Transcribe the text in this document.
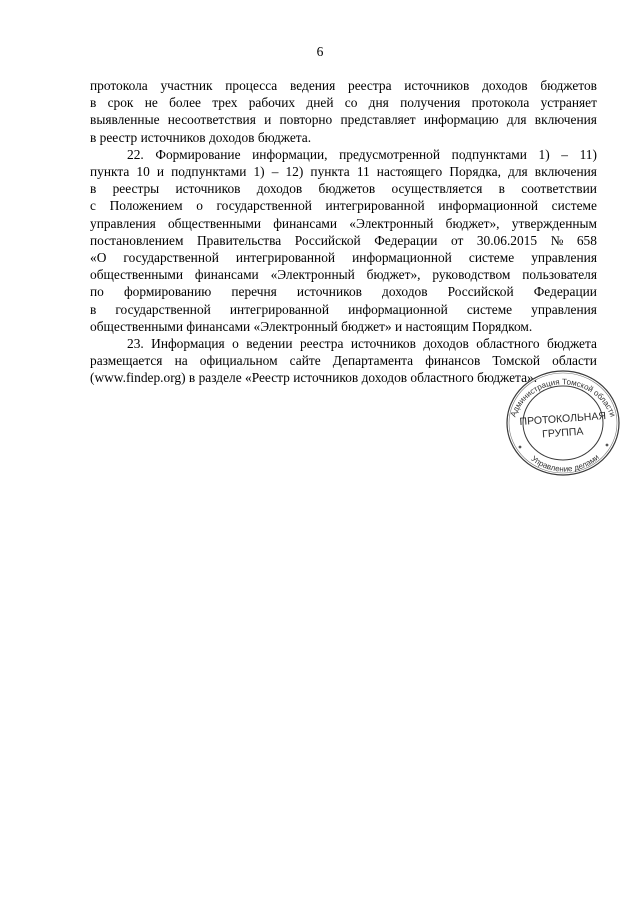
6

протокола участник процесса ведения реестра источников доходов бюджетов
в срок не более трех рабочих дней со дня получения протокола устраняет
выявленные несоответствия и повторно представляет информацию для включения
в реестр источников доходов бюджета.

22. Формирование информации, предусмотренной подпунктами 1) – 11)
пункта 10 и подпунктами 1) – 12) пункта 11 настоящего Порядка, для включения
в реестры источников доходов бюджетов осуществляется в соответствии
с Положением о государственной интегрированной информационной системе
управления общественными финансами «Электронный бюджет», утвержденным
постановлением Правительства Российской Федерации от 30.06.2015 № 658
«О государственной интегрированной информационной системе управления
общественными финансами «Электронный бюджет», руководством пользователя
по формированию перечня источников доходов Российской Федерации
в государственной интегрированной информационной системе управления
общественными финансами «Электронный бюджет» и настоящим Порядком.

23. Информация о ведении реестра источников доходов областного бюджета
размещается на официальном сайте Департамента финансов Томской области
(www.findep.org) в разделе «Реестр источников доходов областного бюджета».

Администрация Томской области
Управление делами
ПРОТОКОЛЬНАЯ
ГРУППА
